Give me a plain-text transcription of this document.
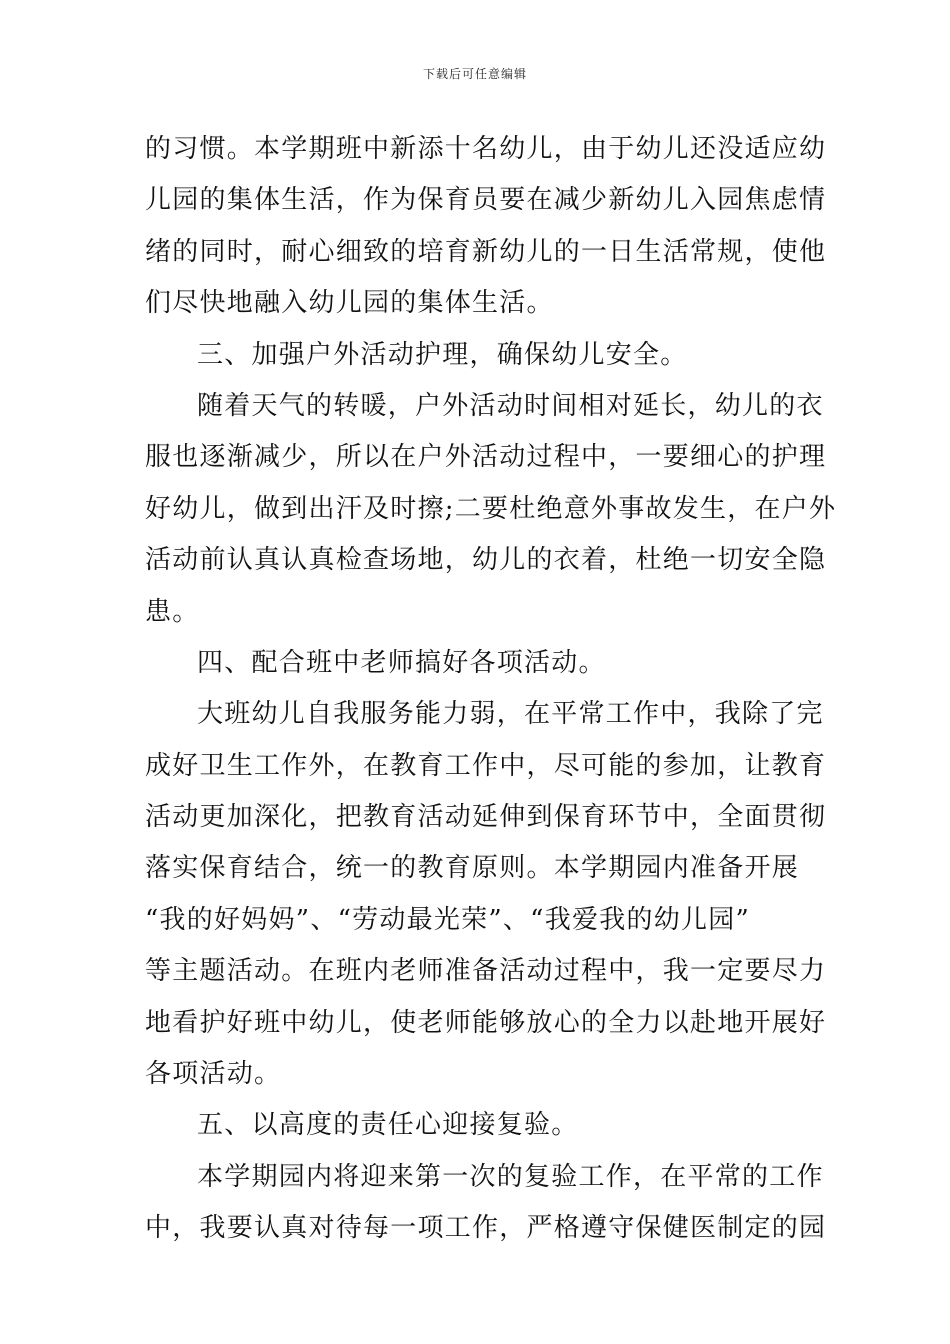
下载后可任意编辑
的习惯。本学期班中新添十名幼儿，由于幼儿还没适应幼
儿园的集体生活，作为保育员要在减少新幼儿入园焦虑情
绪的同时，耐心细致的培育新幼儿的一日生活常规，使他
们尽快地融入幼儿园的集体生活。
三、加强户外活动护理，确保幼儿安全。
随着天气的转暖，户外活动时间相对延长，幼儿的衣
服也逐渐减少，所以在户外活动过程中，一要细心的护理
好幼儿，做到出汗及时擦;二要杜绝意外事故发生，在户外
活动前认真认真检查场地，幼儿的衣着，杜绝一切安全隐
患。
四、配合班中老师搞好各项活动。
大班幼儿自我服务能力弱，在平常工作中，我除了完
成好卫生工作外，在教育工作中，尽可能的参加，让教育
活动更加深化，把教育活动延伸到保育环节中，全面贯彻
落实保育结合，统一的教育原则。本学期园内准备开展
“我的好妈妈”、“劳动最光荣”、“我爱我的幼儿园”
等主题活动。在班内老师准备活动过程中，我一定要尽力
地看护好班中幼儿，使老师能够放心的全力以赴地开展好
各项活动。
五、以高度的责任心迎接复验。
本学期园内将迎来第一次的复验工作，在平常的工作
中，我要认真对待每一项工作，严格遵守保健医制定的园
